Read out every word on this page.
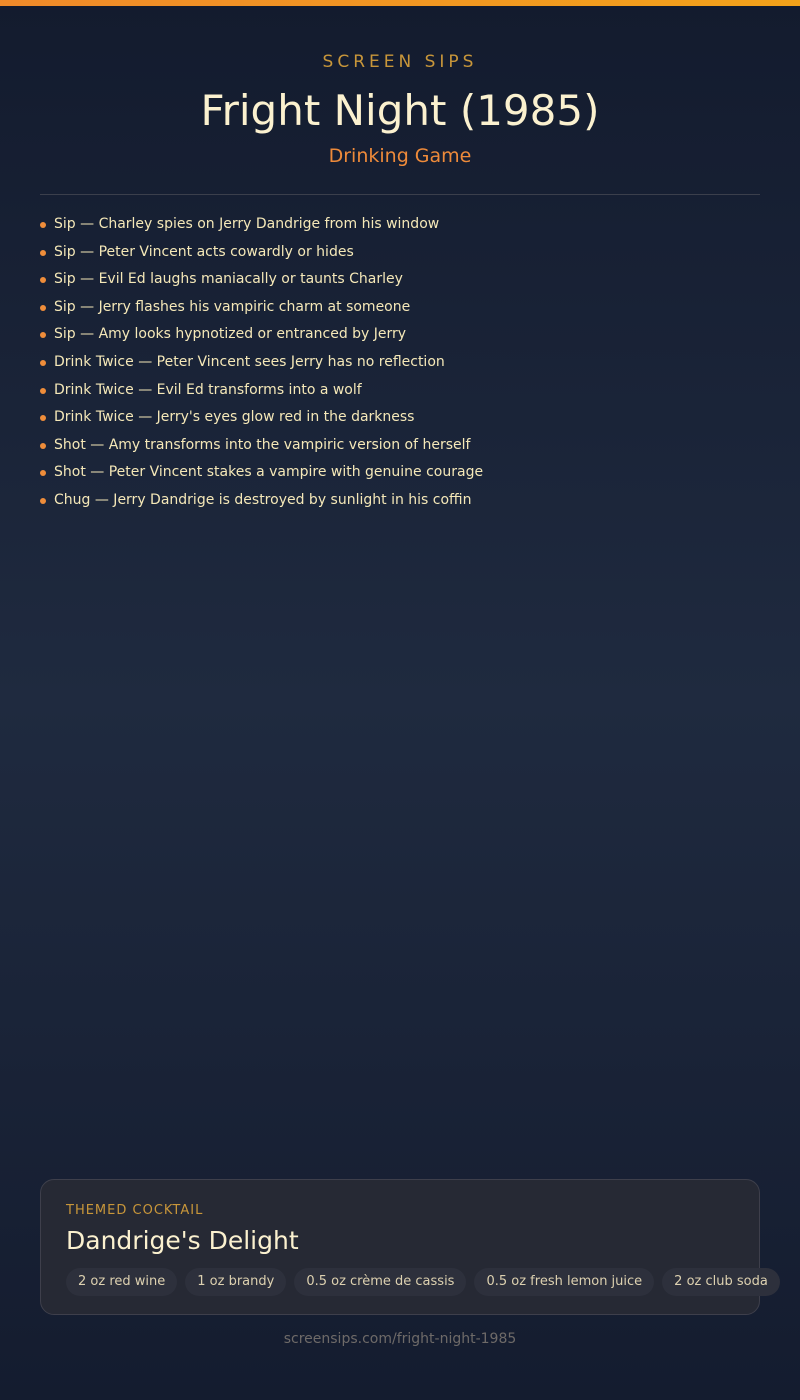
SCREEN SIPS
Fright Night (1985)
Drinking Game
Sip — Charley spies on Jerry Dandrige from his window
Sip — Peter Vincent acts cowardly or hides
Sip — Evil Ed laughs maniacally or taunts Charley
Sip — Jerry flashes his vampiric charm at someone
Sip — Amy looks hypnotized or entranced by Jerry
Drink Twice — Peter Vincent sees Jerry has no reflection
Drink Twice — Evil Ed transforms into a wolf
Drink Twice — Jerry's eyes glow red in the darkness
Shot — Amy transforms into the vampiric version of herself
Shot — Peter Vincent stakes a vampire with genuine courage
Chug — Jerry Dandrige is destroyed by sunlight in his coffin
THEMED COCKTAIL
Dandrige's Delight
2 oz red wine	1 oz brandy	0.5 oz crème de cassis	0.5 oz fresh lemon juice	2 oz club soda
screensips.com/fright-night-1985
